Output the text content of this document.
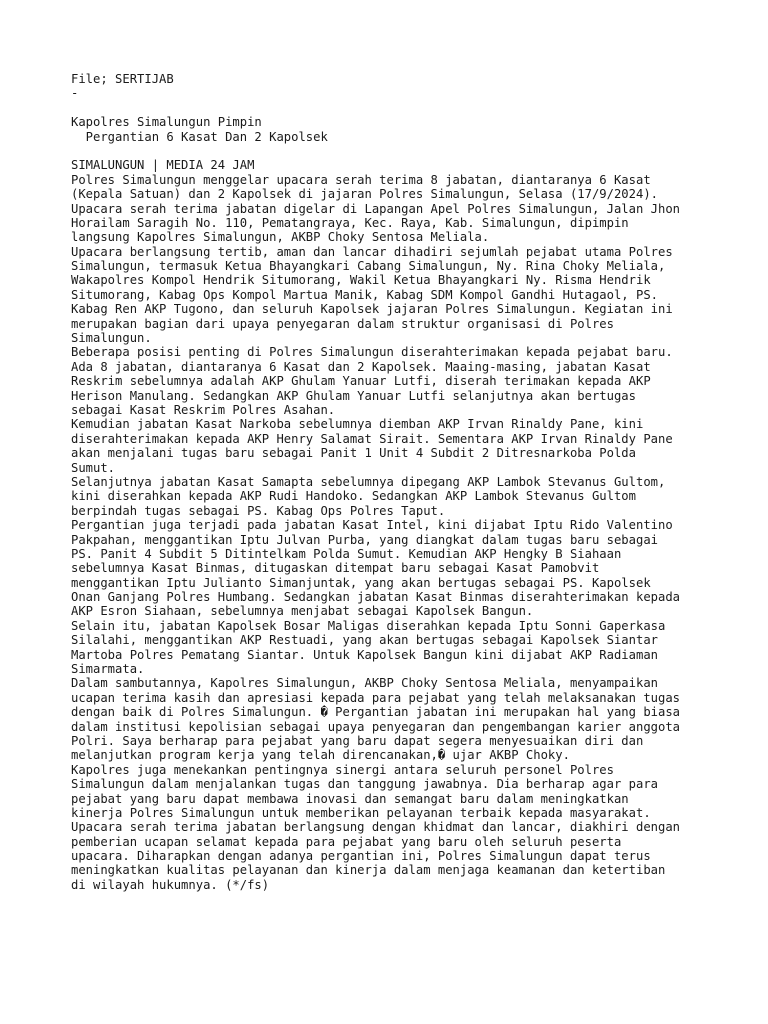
File; SERTIJAB
-
Kapolres Simalungun Pimpin
Pergantian 6 Kasat Dan 2 Kapolsek
SIMALUNGUN | MEDIA 24 JAM
Polres Simalungun menggelar upacara serah terima 8 jabatan, diantaranya 6 Kasat
(Kepala Satuan) dan 2 Kapolsek di jajaran Polres Simalungun, Selasa (17/9/2024).
Upacara serah terima jabatan digelar di Lapangan Apel Polres Simalungun, Jalan Jhon
Horailam Saragih No. 110, Pematangraya, Kec. Raya, Kab. Simalungun, dipimpin
langsung Kapolres Simalungun, AKBP Choky Sentosa Meliala.
Upacara berlangsung tertib, aman dan lancar dihadiri sejumlah pejabat utama Polres
Simalungun, termasuk Ketua Bhayangkari Cabang Simalungun, Ny. Rina Choky Meliala,
Wakapolres Kompol Hendrik Situmorang, Wakil Ketua Bhayangkari Ny. Risma Hendrik
Situmorang, Kabag Ops Kompol Martua Manik, Kabag SDM Kompol Gandhi Hutagaol, PS.
Kabag Ren AKP Tugono, dan seluruh Kapolsek jajaran Polres Simalungun. Kegiatan ini
merupakan bagian dari upaya penyegaran dalam struktur organisasi di Polres
Simalungun.
Beberapa posisi penting di Polres Simalungun diserahterimakan kepada pejabat baru.
Ada 8 jabatan, diantaranya 6 Kasat dan 2 Kapolsek. Maaing-masing, jabatan Kasat
Reskrim sebelumnya adalah AKP Ghulam Yanuar Lutfi, diserah terimakan kepada AKP
Herison Manulang. Sedangkan AKP Ghulam Yanuar Lutfi selanjutnya akan bertugas
sebagai Kasat Reskrim Polres Asahan.
Kemudian jabatan Kasat Narkoba sebelumnya diemban AKP Irvan Rinaldy Pane, kini
diserahterimakan kepada AKP Henry Salamat Sirait. Sementara AKP Irvan Rinaldy Pane
akan menjalani tugas baru sebagai Panit 1 Unit 4 Subdit 2 Ditresnarkoba Polda
Sumut.
Selanjutnya jabatan Kasat Samapta sebelumnya dipegang AKP Lambok Stevanus Gultom,
kini diserahkan kepada AKP Rudi Handoko. Sedangkan AKP Lambok Stevanus Gultom
berpindah tugas sebagai PS. Kabag Ops Polres Taput.
Pergantian juga terjadi pada jabatan Kasat Intel, kini dijabat Iptu Rido Valentino
Pakpahan, menggantikan Iptu Julvan Purba, yang diangkat dalam tugas baru sebagai
PS. Panit 4 Subdit 5 Ditintelkam Polda Sumut. Kemudian AKP Hengky B Siahaan
sebelumnya Kasat Binmas, ditugaskan ditempat baru sebagai Kasat Pamobvit
menggantikan Iptu Julianto Simanjuntak, yang akan bertugas sebagai PS. Kapolsek
Onan Ganjang Polres Humbang. Sedangkan jabatan Kasat Binmas diserahterimakan kepada
AKP Esron Siahaan, sebelumnya menjabat sebagai Kapolsek Bangun.
Selain itu, jabatan Kapolsek Bosar Maligas diserahkan kepada Iptu Sonni Gaperkasa
Silalahi, menggantikan AKP Restuadi, yang akan bertugas sebagai Kapolsek Siantar
Martoba Polres Pematang Siantar. Untuk Kapolsek Bangun kini dijabat AKP Radiaman
Simarmata.
Dalam sambutannya, Kapolres Simalungun, AKBP Choky Sentosa Meliala, menyampaikan
ucapan terima kasih dan apresiasi kepada para pejabat yang telah melaksanakan tugas
dengan baik di Polres Simalungun. � Pergantian jabatan ini merupakan hal yang biasa
dalam institusi kepolisian sebagai upaya penyegaran dan pengembangan karier anggota
Polri. Saya berharap para pejabat yang baru dapat segera menyesuaikan diri dan
melanjutkan program kerja yang telah direncanakan,� ujar AKBP Choky.
Kapolres juga menekankan pentingnya sinergi antara seluruh personel Polres
Simalungun dalam menjalankan tugas dan tanggung jawabnya. Dia berharap agar para
pejabat yang baru dapat membawa inovasi dan semangat baru dalam meningkatkan
kinerja Polres Simalungun untuk memberikan pelayanan terbaik kepada masyarakat.
Upacara serah terima jabatan berlangsung dengan khidmat dan lancar, diakhiri dengan
pemberian ucapan selamat kepada para pejabat yang baru oleh seluruh peserta
upacara. Diharapkan dengan adanya pergantian ini, Polres Simalungun dapat terus
meningkatkan kualitas pelayanan dan kinerja dalam menjaga keamanan dan ketertiban
di wilayah hukumnya. (*/fs)
